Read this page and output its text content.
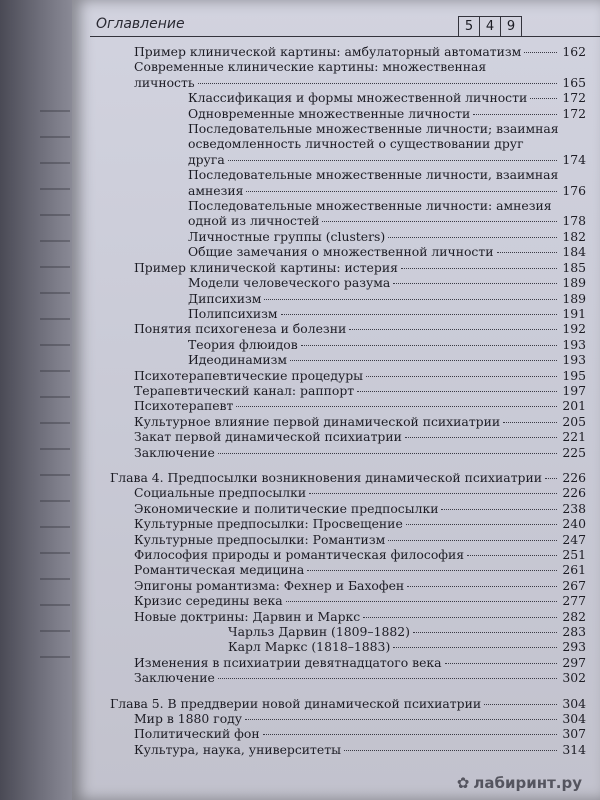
Оглавление	5 4 9
Пример клинической картины: амбулаторный автоматизм	162
Современные клинические картины: множественная
личность	165
Классификация и формы множественной личности	172
Одновременные множественные личности	172
Последовательные множественные личности; взаимная
осведомленность личностей о существовании друг
друга	174
Последовательные множественные личности, взаимная
амнезия	176
Последовательные множественные личности: амнезия
одной из личностей	178
Личностные группы (clusters)	182
Общие замечания о множественной личности	184
Пример клинической картины: истерия	185
Модели человеческого разума	189
Дипсихизм	189
Полипсихизм	191
Понятия психогенеза и болезни	192
Теория флюидов	193
Идеодинамизм	193
Психотерапевтические процедуры	195
Терапевтический канал: раппорт	197
Психотерапевт	201
Культурное влияние первой динамической психиатрии	205
Закат первой динамической психиатрии	221
Заключение	225
Глава 4. Предпосылки возникновения динамической психиатрии 226
Социальные предпосылки	226
Экономические и политические предпосылки	238
Культурные предпосылки: Просвещение	240
Культурные предпосылки: Романтизм	247
Философия природы и романтическая философия	251
Романтическая медицина	261
Эпигоны романтизма: Фехнер и Бахофен	267
Кризис середины века	277
Новые доктрины: Дарвин и Маркс	282
Чарльз Дарвин (1809–1882)	283
Карл Маркс (1818–1883)	293
Изменения в психиатрии девятнадцатого века	297
Заключение	302
Глава 5. В преддверии новой динамической психиатрии	304
Мир в 1880 году	304
Политический фон	307
Культура, наука, университеты	314
✿ лабиринт.ру
